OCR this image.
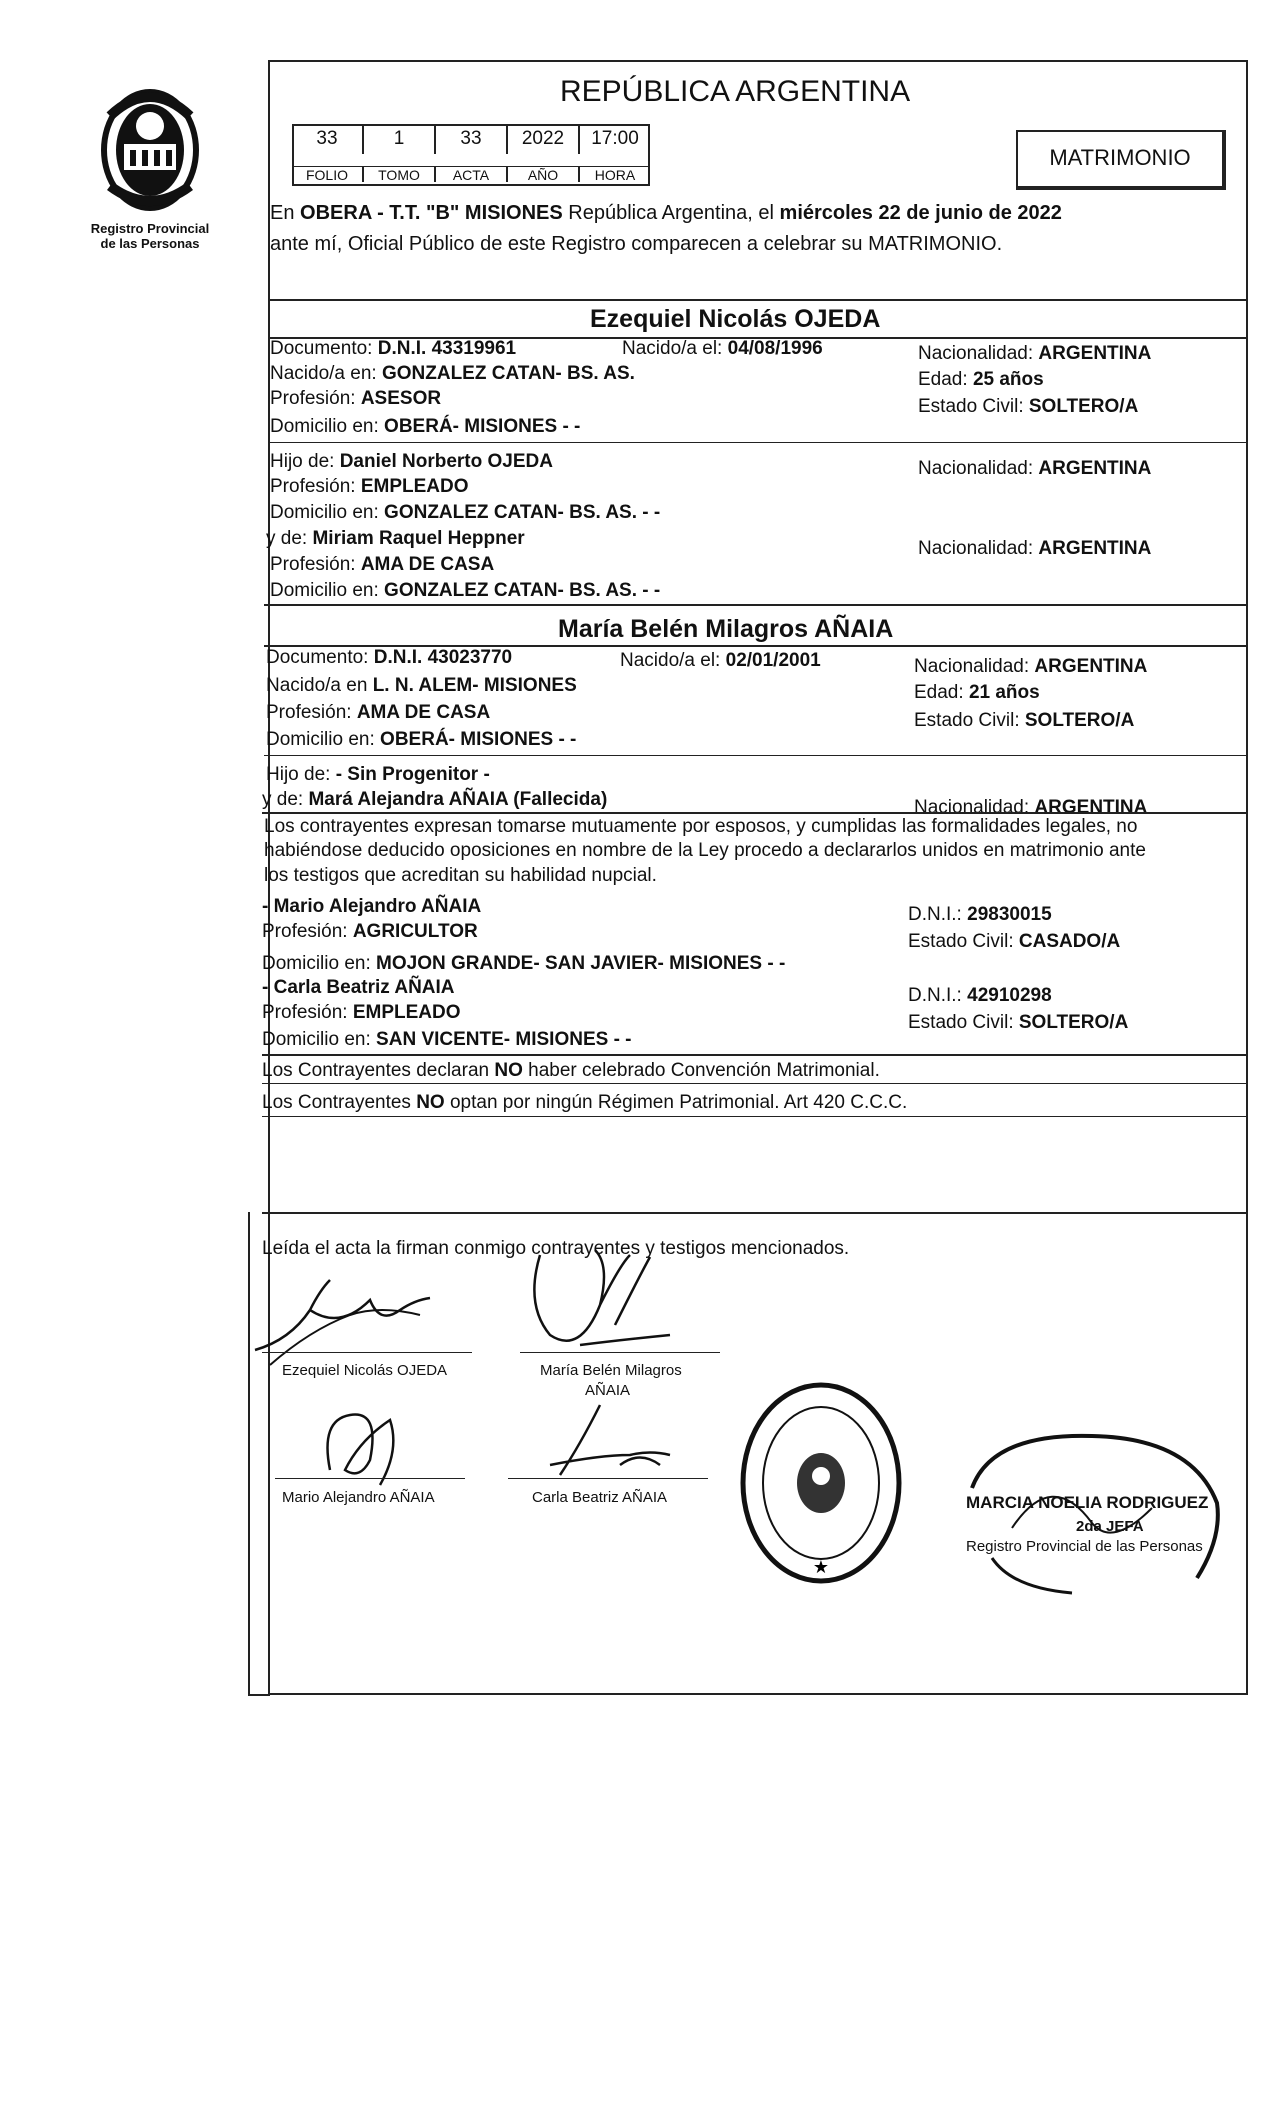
Registro Provincial
de las Personas
REPÚBLICA ARGENTINA
33	1	33	2022	17:00
FOLIO	TOMO	ACTA	AÑO	HORA
MATRIMONIO
En OBERA - T.T. "B" MISIONES República Argentina, el miércoles 22 de junio de 2022
ante mí, Oficial Público de este Registro comparecen a celebrar su MATRIMONIO.
Ezequiel Nicolás OJEDA
Documento: D.N.I. 43319961	Nacido/a el: 04/08/1996	Nacionalidad: ARGENTINA
Nacido/a en: GONZALEZ CATAN- BS. AS.	Edad: 25 años
Profesión: ASESOR	Estado Civil: SOLTERO/A
Domicilio en: OBERÁ- MISIONES - -
Hijo de: Daniel Norberto OJEDA	Nacionalidad: ARGENTINA
Profesión: EMPLEADO
Domicilio en: GONZALEZ CATAN- BS. AS. - -
y de: Miriam Raquel Heppner	Nacionalidad: ARGENTINA
Profesión: AMA DE CASA
Domicilio en: GONZALEZ CATAN- BS. AS. - -
María Belén Milagros AÑAIA
Documento: D.N.I. 43023770	Nacido/a el: 02/01/2001	Nacionalidad: ARGENTINA
Nacido/a en L. N. ALEM- MISIONES	Edad: 21 años
Profesión: AMA DE CASA	Estado Civil: SOLTERO/A
Domicilio en: OBERÁ- MISIONES - -
Hijo de: - Sin Progenitor -
y de: Mará Alejandra AÑAIA (Fallecida)	Nacionalidad: ARGENTINA
Los contrayentes expresan tomarse mutuamente por esposos, y cumplidas las formalidades legales, no
habiéndose deducido oposiciones en nombre de la Ley procedo a declararlos unidos en matrimonio ante
los testigos que acreditan su habilidad nupcial.
- Mario Alejandro AÑAIA	D.N.I.: 29830015
Profesión: AGRICULTOR	Estado Civil: CASADO/A
Domicilio en: MOJON GRANDE- SAN JAVIER- MISIONES - -
- Carla Beatriz AÑAIA	D.N.I.: 42910298
Profesión: EMPLEADO	Estado Civil: SOLTERO/A
Domicilio en: SAN VICENTE- MISIONES - -
Los Contrayentes declaran NO haber celebrado Convención Matrimonial.
Los Contrayentes NO optan por ningún Régimen Patrimonial. Art 420 C.C.C.
Leída el acta la firman conmigo contrayentes y testigos mencionados.
Ezequiel Nicolás OJEDA	María Belén Milagros
AÑAIA
Mario Alejandro AÑAIA	Carla Beatriz AÑAIA
★
MARCIA NOELIA RODRIGUEZ
2da JEFA
Registro Provincial de las Personas
